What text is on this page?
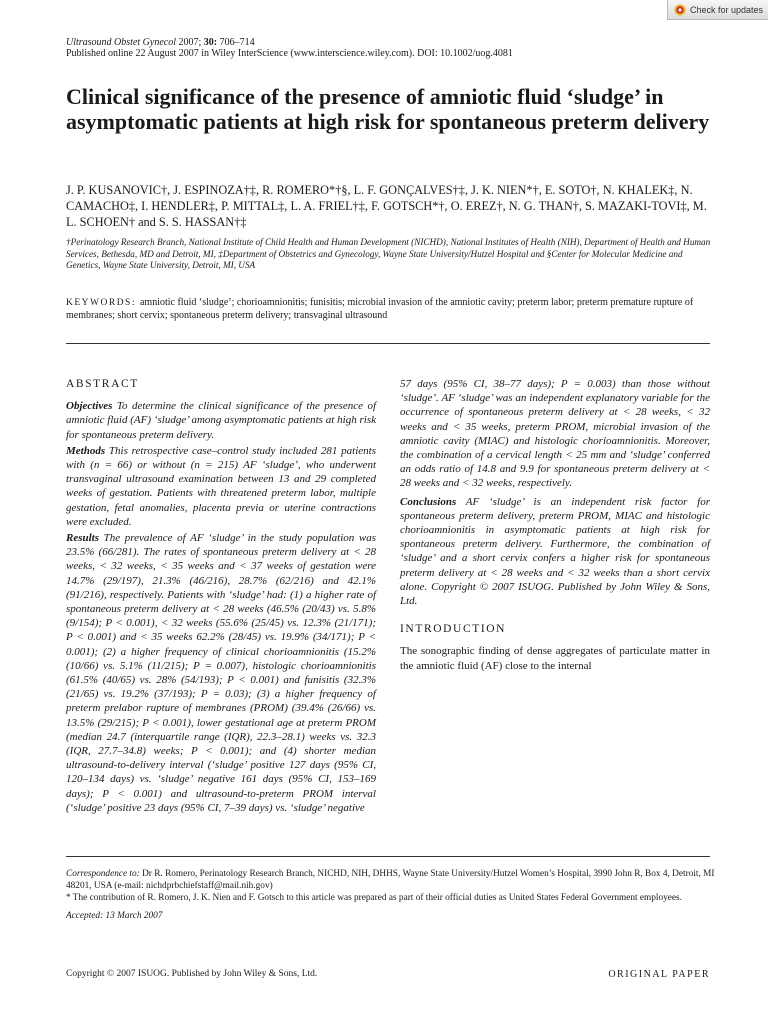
Check for updates
Ultrasound Obstet Gynecol 2007; 30: 706–714
Published online 22 August 2007 in Wiley InterScience (www.interscience.wiley.com). DOI: 10.1002/uog.4081
Clinical significance of the presence of amniotic fluid ‘sludge’ in asymptomatic patients at high risk for spontaneous preterm delivery
J. P. KUSANOVIC†, J. ESPINOZA†‡, R. ROMERO*†§, L. F. GONÇALVES†‡, J. K. NIEN*†, E. SOTO†, N. KHALEK‡, N. CAMACHO‡, I. HENDLER‡, P. MITTAL‡, L. A. FRIEL†‡, F. GOTSCH*†, O. EREZ†, N. G. THAN†, S. MAZAKI-TOVI‡, M. L. SCHOEN† and S. S. HASSAN†‡
†Perinatology Research Branch, National Institute of Child Health and Human Development (NICHD), National Institutes of Health (NIH), Department of Health and Human Services, Bethesda, MD and Detroit, MI, ‡Department of Obstetrics and Gynecology, Wayne State University/Hutzel Hospital and §Center for Molecular Medicine and Genetics, Wayne State University, Detroit, MI, USA
KEYWORDS: amniotic fluid ‘sludge’; chorioamnionitis; funisitis; microbial invasion of the amniotic cavity; preterm labor; preterm premature rupture of membranes; short cervix; spontaneous preterm delivery; transvaginal ultrasound
ABSTRACT

Objectives To determine the clinical significance of the presence of amniotic fluid (AF) ‘sludge’ among asymptomatic patients at high risk for spontaneous preterm delivery.

Methods This retrospective case–control study included 281 patients with (n = 66) or without (n = 215) AF ‘sludge’, who underwent transvaginal ultrasound examination between 13 and 29 completed weeks of gestation. Patients with threatened preterm labor, multiple gestation, fetal anomalies, placenta previa or uterine contractions were excluded.

Results The prevalence of AF ‘sludge’ in the study population was 23.5% (66/281). The rates of spontaneous preterm delivery at < 28 weeks, < 32 weeks, < 35 weeks and < 37 weeks of gestation were 14.7% (29/197), 21.3% (46/216), 28.7% (62/216) and 42.1% (91/216), respectively. Patients with ‘sludge’ had: (1) a higher rate of spontaneous preterm delivery at < 28 weeks (46.5% (20/43) vs. 5.8% (9/154); P < 0.001), < 32 weeks (55.6% (25/45) vs. 12.3% (21/171); P < 0.001) and < 35 weeks 62.2% (28/45) vs. 19.9% (34/171); P < 0.001); (2) a higher frequency of clinical chorioamnionitis (15.2% (10/66) vs. 5.1% (11/215); P = 0.007), histologic chorioamnionitis (61.5% (40/65) vs. 28% (54/193); P < 0.001) and funisitis (32.3% (21/65) vs. 19.2% (37/193); P = 0.03); (3) a higher frequency of preterm prelabor rupture of membranes (PROM) (39.4% (26/66) vs. 13.5% (29/215); P < 0.001), lower gestational age at preterm PROM (median 24.7 (interquartile range (IQR), 22.3–28.1) weeks vs. 32.3 (IQR, 27.7–34.8) weeks; P < 0.001); and (4) shorter median ultrasound-to-delivery interval (‘sludge’ positive 127 days (95% CI, 120–134 days) vs. ‘sludge’ negative 161 days (95% CI, 153–169 days); P < 0.001) and ultrasound-to-preterm PROM interval (‘sludge’ positive 23 days (95% CI, 7–39 days) vs. ‘sludge’ negative

57 days (95% CI, 38–77 days); P = 0.003) than those without ‘sludge’. AF ‘sludge’ was an independent explanatory variable for the occurrence of spontaneous preterm delivery at < 28 weeks, < 32 weeks and < 35 weeks, preterm PROM, microbial invasion of the amniotic cavity (MIAC) and histologic chorioamnionitis. Moreover, the combination of a cervical length < 25 mm and ‘sludge’ conferred an odds ratio of 14.8 and 9.9 for spontaneous preterm delivery at < 28 weeks and < 32 weeks, respectively.

Conclusions AF ‘sludge’ is an independent risk factor for spontaneous preterm delivery, preterm PROM, MIAC and histologic chorioamnionitis in asymptomatic patients at high risk for spontaneous preterm delivery. Furthermore, the combination of ‘sludge’ and a short cervix confers a higher risk for spontaneous preterm delivery at < 28 weeks and < 32 weeks than a short cervix alone. Copyright © 2007 ISUOG. Published by John Wiley & Sons, Ltd.

INTRODUCTION

The sonographic finding of dense aggregates of particulate matter in the amniotic fluid (AF) close to the internal

Correspondence to: Dr R. Romero, Perinatology Research Branch, NICHD, NIH, DHHS, Wayne State University/Hutzel Women’s Hospital, 3990 John R, Box 4, Detroit, MI 48201, USA (e-mail: nichdprbchiefstaff@mail.nih.gov)

* The contribution of R. Romero, J. K. Nien and F. Gotsch to this article was prepared as part of their official duties as United States Federal Government employees.

Accepted: 13 March 2007

Copyright © 2007 ISUOG. Published by John Wiley & Sons, Ltd.	ORIGINAL PAPER
